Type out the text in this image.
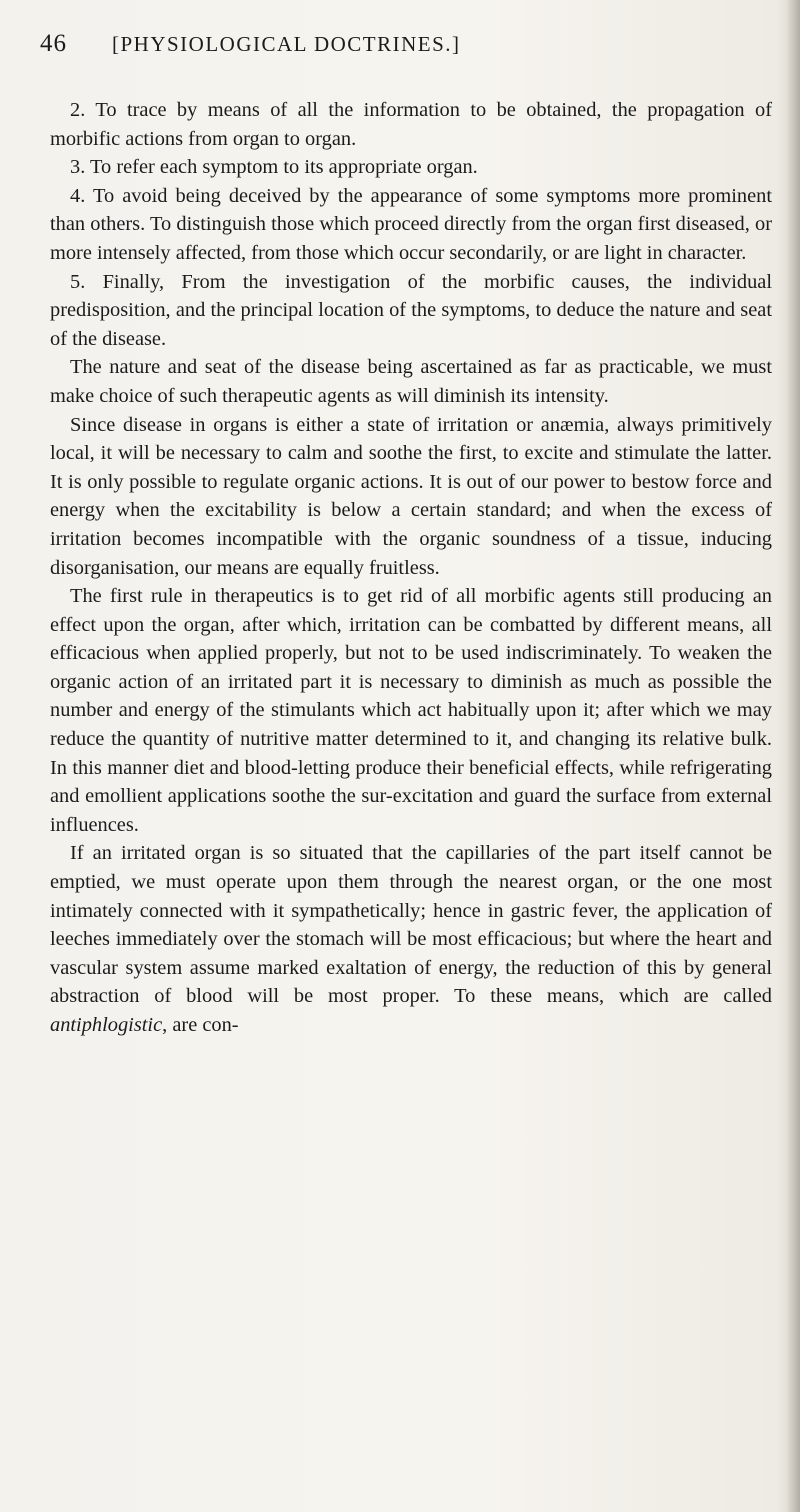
46 [PHYSIOLOGICAL DOCTRINES.]

2. To trace by means of all the information to be obtained, the propagation of morbific actions from organ to organ.

3. To refer each symptom to its appropriate organ.

4. To avoid being deceived by the appearance of some symptoms more prominent than others. To distinguish those which proceed directly from the organ first diseased, or more intensely affected, from those which occur secondarily, or are light in character.

5. Finally, From the investigation of the morbific causes, the individual predisposition, and the principal location of the symptoms, to deduce the nature and seat of the disease.

The nature and seat of the disease being ascertained as far as practicable, we must make choice of such therapeutic agents as will diminish its intensity.

Since disease in organs is either a state of irritation or anæmia, always primitively local, it will be necessary to calm and soothe the first, to excite and stimulate the latter. It is only possible to regulate organic actions. It is out of our power to bestow force and energy when the excitability is below a certain standard; and when the excess of irritation becomes incompatible with the organic soundness of a tissue, inducing disorganisation, our means are equally fruitless.

The first rule in therapeutics is to get rid of all morbific agents still producing an effect upon the organ, after which, irritation can be combatted by different means, all efficacious when applied properly, but not to be used indiscriminately. To weaken the organic action of an irritated part it is necessary to diminish as much as possible the number and energy of the stimulants which act habitually upon it; after which we may reduce the quantity of nutritive matter determined to it, and changing its relative bulk. In this manner diet and blood-letting produce their beneficial effects, while refrigerating and emollient applications soothe the sur-excitation and guard the surface from external influences.

If an irritated organ is so situated that the capillaries of the part itself cannot be emptied, we must operate upon them through the nearest organ, or the one most intimately connected with it sympathetically; hence in gastric fever, the application of leeches immediately over the stomach will be most efficacious; but where the heart and vascular system assume marked exaltation of energy, the reduction of this by general abstraction of blood will be most proper. To these means, which are called antiphlogistic, are con-
